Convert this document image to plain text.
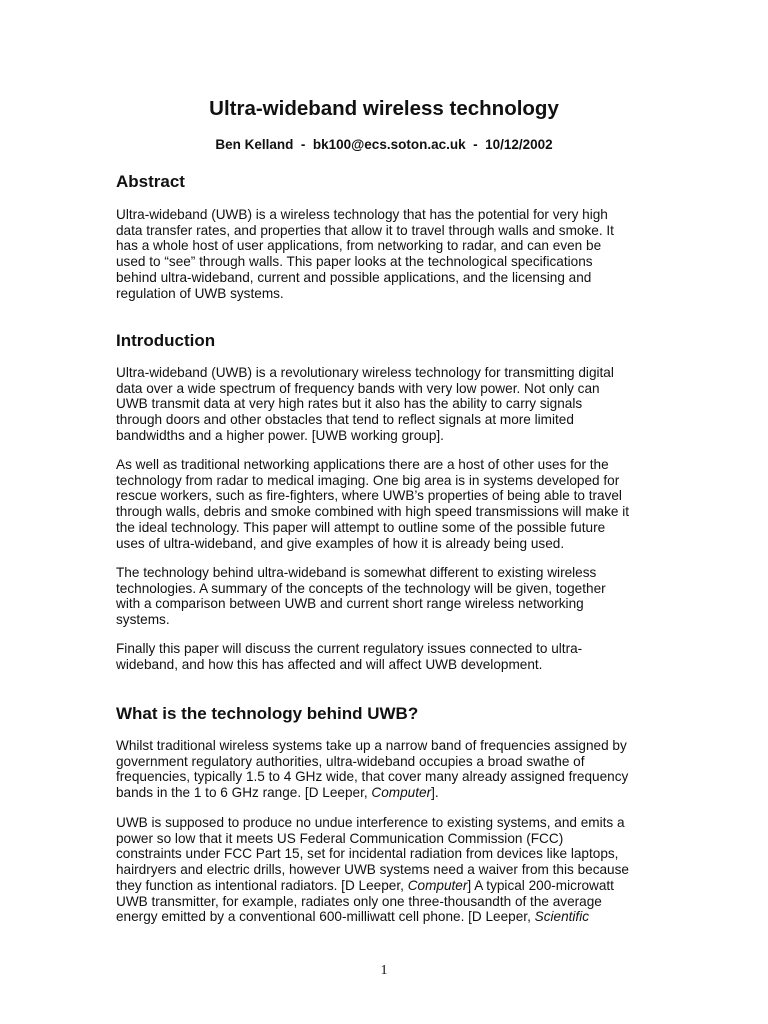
Ultra-wideband wireless technology

Ben Kelland  -  bk100@ecs.soton.ac.uk  -  10/12/2002

Abstract

Ultra-wideband (UWB) is a wireless technology that has the potential for very high
data transfer rates, and properties that allow it to travel through walls and smoke. It
has a whole host of user applications, from networking to radar, and can even be
used to “see” through walls. This paper looks at the technological specifications
behind ultra-wideband, current and possible applications, and the licensing and
regulation of UWB systems.

Introduction

Ultra-wideband (UWB) is a revolutionary wireless technology for transmitting digital
data over a wide spectrum of frequency bands with very low power. Not only can
UWB transmit data at very high rates but it also has the ability to carry signals
through doors and other obstacles that tend to reflect signals at more limited
bandwidths and a higher power. [UWB working group].

As well as traditional networking applications there are a host of other uses for the
technology from radar to medical imaging. One big area is in systems developed for
rescue workers, such as fire-fighters, where UWB’s properties of being able to travel
through walls, debris and smoke combined with high speed transmissions will make it
the ideal technology. This paper will attempt to outline some of the possible future
uses of ultra-wideband, and give examples of how it is already being used.

The technology behind ultra-wideband is somewhat different to existing wireless
technologies. A summary of the concepts of the technology will be given, together
with a comparison between UWB and current short range wireless networking
systems.

Finally this paper will discuss the current regulatory issues connected to ultra-
wideband, and how this has affected and will affect UWB development.

What is the technology behind UWB?

Whilst traditional wireless systems take up a narrow band of frequencies assigned by
government regulatory authorities, ultra-wideband occupies a broad swathe of
frequencies, typically 1.5 to 4 GHz wide, that cover many already assigned frequency
bands in the 1 to 6 GHz range. [D Leeper, Computer].

UWB is supposed to produce no undue interference to existing systems, and emits a
power so low that it meets US Federal Communication Commission (FCC)
constraints under FCC Part 15, set for incidental radiation from devices like laptops,
hairdryers and electric drills, however UWB systems need a waiver from this because
they function as intentional radiators. [D Leeper, Computer] A typical 200-microwatt
UWB transmitter, for example, radiates only one three-thousandth of the average
energy emitted by a conventional 600-milliwatt cell phone. [D Leeper, Scientific

1
